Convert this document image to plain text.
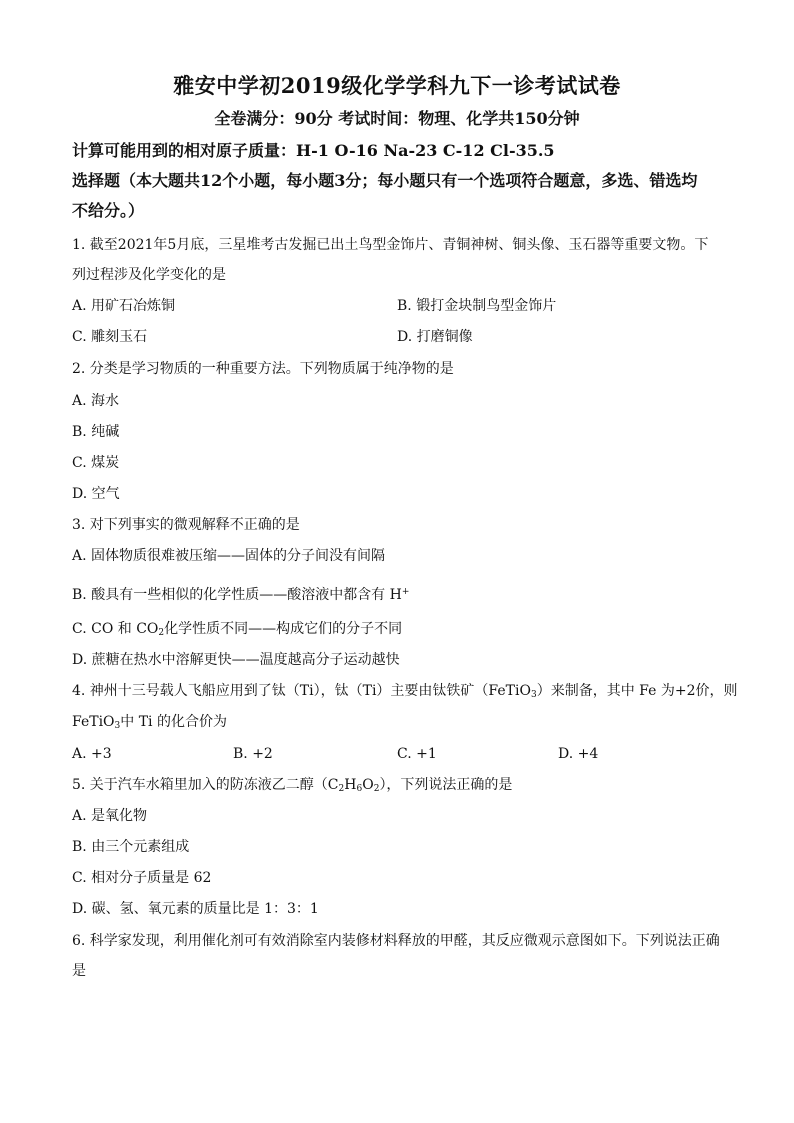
雅安中学初2019级化学学科九下一诊考试试卷
全卷满分：90分 考试时间：物理、化学共150分钟
计算可能用到的相对原子质量：H-1 O-16 Na-23 C-12 Cl-35.5
选择题（本大题共12个小题，每小题3分；每小题只有一个选项符合题意，多选、错选均
不给分。）
1. 截至2021年5月底，三星堆考古发掘已出土鸟型金饰片、青铜神树、铜头像、玉石器等重要文物。下
列过程涉及化学变化的是
A. 用矿石冶炼铜	B. 锻打金块制鸟型金饰片
C. 雕刻玉石	D. 打磨铜像
2. 分类是学习物质的一种重要方法。下列物质属于纯净物的是
A. 海水
B. 纯碱
C. 煤炭
D. 空气
3. 对下列事实的微观解释不正确的是
A. 固体物质很难被压缩——固体的分子间没有间隔
B. 酸具有一些相似的化学性质——酸溶液中都含有 H+
C. CO 和 $CO_2$化学性质不同——构成它们的分子不同
D. 蔗糖在热水中溶解更快——温度越高分子运动越快
4. 神州十三号载人飞船应用到了钛（Ti），钛（Ti）主要由钛铁矿（FeTiO$_3$）来制备，其中 Fe 为+2价，则
FeTiO$_3$中 Ti 的化合价为
A. +3	B. +2	C. +1	D. +4
5. 关于汽车水箱里加入的防冻液乙二醇$(C_2H_6O_2)$，下列说法正确的是
A. 是氧化物
B. 由三个元素组成
C. 相对分子质量是 62
D. 碳、氢、氧元素的质量比是 1：3：1
6. 科学家发现，利用催化剂可有效消除室内装修材料释放的甲醛，其反应微观示意图如下。下列说法正确
是
